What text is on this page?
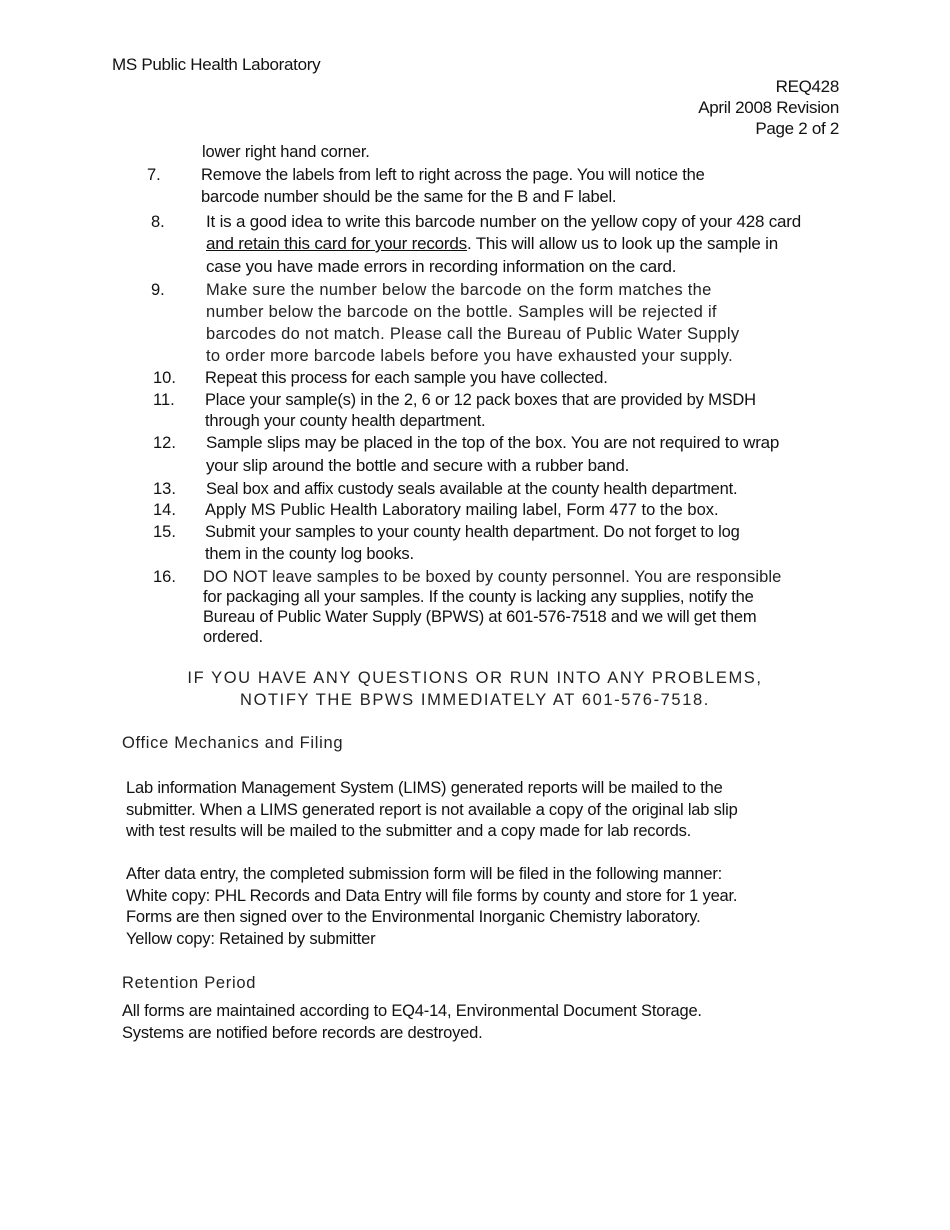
MS Public Health Laboratory
REQ428
April 2008 Revision
Page 2 of 2
lower right hand corner.
7. Remove the labels from left to right across the page. You will notice the
barcode number should be the same for the B and F label.
8. It is a good idea to write this barcode number on the yellow copy of your 428 card
and retain this card for your records. This will allow us to look up the sample in
case you have made errors in recording information on the card.
9. Make sure the number below the barcode on the form matches the
number below the barcode on the bottle. Samples will be rejected if
barcodes do not match. Please call the Bureau of Public Water Supply
to order more barcode labels before you have exhausted your supply.
10. Repeat this process for each sample you have collected.
11. Place your sample(s) in the 2, 6 or 12 pack boxes that are provided by MSDH
through your county health department.
12. Sample slips may be placed in the top of the box. You are not required to wrap
your slip around the bottle and secure with a rubber band.
13. Seal box and affix custody seals available at the county health department.
14. Apply MS Public Health Laboratory mailing label, Form 477 to the box.
15. Submit your samples to your county health department. Do not forget to log
them in the county log books.
16. DO NOT leave samples to be boxed by county personnel. You are responsible
for packaging all your samples. If the county is lacking any supplies, notify the
Bureau of Public Water Supply (BPWS) at 601-576-7518 and we will get them
ordered.
IF YOU HAVE ANY QUESTIONS OR RUN INTO ANY PROBLEMS,
NOTIFY THE BPWS IMMEDIATELY AT 601-576-7518.
Office Mechanics and Filing
Lab information Management System (LIMS) generated reports will be mailed to the
submitter. When a LIMS generated report is not available a copy of the original lab slip
with test results will be mailed to the submitter and a copy made for lab records.
After data entry, the completed submission form will be filed in the following manner:
White copy: PHL Records and Data Entry will file forms by county and store for 1 year.
Forms are then signed over to the Environmental Inorganic Chemistry laboratory.
Yellow copy: Retained by submitter
Retention Period
All forms are maintained according to EQ4-14, Environmental Document Storage.
Systems are notified before records are destroyed.
